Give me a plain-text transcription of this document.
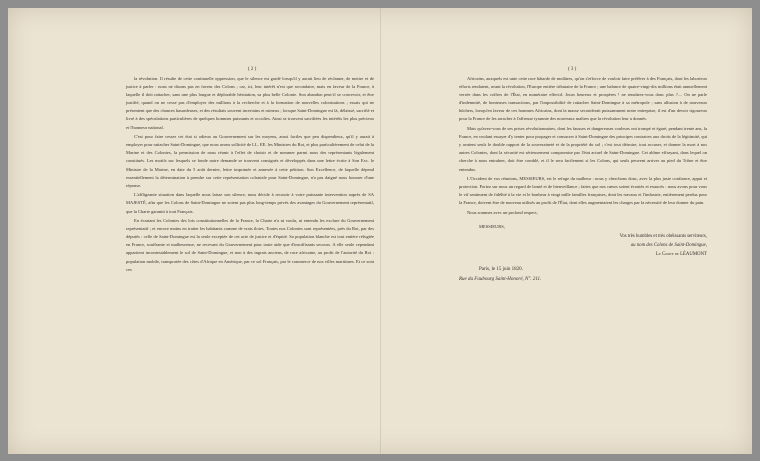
( 2 )	( 3 )

la révolution. Il résulte de cette continuelle oppression, que le silence est gardé lorsqu'il y aurait lieu de réclamer, de mettre et de justice à parler : nous ne disons pas en faveur des Colons ; car, ici, leur intérêt n'est que secondaire, mais en faveur de la France, à laquelle il doit rattacher, sans une plus longue et déplorable hésitation, sa plus belle Colonie. Son abandon peut-il se concevoir, et être justifié, quand on ne cesse pas d'employer des millions à la recherche et à la formation de nouvelles colonisations ; essais qui ne présentent que des chances hasardeuses, et des résultats souvent incertains et ruineux ; lorsque Saint-Domingue est là, délaissé, sacrifié et livré à des spéculations particulières de quelques hommes puissants et occultes. Ainsi se trouvent sacrifiées les intérêts les plus précieux et l'honneur national.

C'est pour faire cesser cet état si odieux au Gouvernement sur les moyens, aussi faciles que peu dispendieux, qu'il y aurait à employer pour rattacher Saint-Domingue, que nous avons sollicité de LL. EE. les Ministres du Roi, et plus particulièrement de celui de la Marine et des Colonies, la permission de nous réunir à l'effet de choisir et de nommer parmi nous des représentants légalement constitués. Les motifs sur lesquels se fonde notre demande se trouvent consignés et développés dans une lettre écrite à Son Exc. le Ministre de la Marine, en date du 5 août dernier, lettre imprimée et annexée à cette pétition. Son Excellence, de laquelle dépend essentiellement la détermination à prendre sur cette représentation coloniale pour Saint-Domingue, n'a pas daigné nous honorer d'une réponse.

L'affligeante situation dans laquelle nous laisse son silence, nous décide à recourir à votre puissante intervention auprès de SA MAJESTÉ, afin que les Colons de Saint-Domingue ne soient pas plus long-temps privés des avantages du Gouvernement représentatif, que la Charte garantit à tout Français.

En écartant les Colonies des lois constitutionnelles de la France, la Charte n'a ni voulu, ni entendu les exclure du Gouvernement représentatif ; et encore moins en traiter les habitants comme de vrais ilotes. Toutes nos Colonies sont représentées, près du Roi, par des députés : celle de Saint-Domingue est la seule exceptée de cet acte de justice et d'équité. Sa population blanche est tout entière réfugiée en France, souffrante et malheureuse, ne recevant du Gouvernement pour toute aide que d'insuffisants secours. A elle seule cependant appartient incontestablement le sol de Saint-Domingue, et non à des ingrats anciens, de race africaine, au profit de l'autorité du Roi : population mobile, transportée des côtes d'Afrique en Amérique, par ce sol Français, par le commerce de nos villes maritimes. Et ce sont ces

Africains, auxquels est unie cette race bâtarde de mulâtres, qu'on s'efforce de vouloir faire préférer à des Français, dont les laborieux efforts rendaient, avant la révolution, l'Europe entière tributaire de la France ; une balance de quatre-vingt-dix millions était annuellement versée dans les coffres de l'État, en numéraire effectif. Jours heureux et prospères ! ne renaîtrez-vous donc plus ?.... On ne parle d'indemnité, de honteuses transactions, par l'impossibilité de rattacher Saint-Domingue à sa métropole ; sans allusion à de nouveaux bûchers, lorsqu'en faveur de ces hommes Africains, dont la masse seconderait puissamment notre entreprise, il est d'un devoir rigoureux pour la France de les arracher à l'affreuse tyrannie des nouveaux maîtres que la révolution leur a donnés.

Mais qu'avez-vous de ses prises révolutionnaires, dont les fausses et dangereuses couleurs ont trompé et égaré, pendant trente ans, la France, en voulant essayer d'y tenter pour propager et consacrer à Saint-Domingue des principes contraires aux droits de la légitimité, qui y avaient seuls le double rapport de la souveraineté et de la propriété du sol ; c'est tout détruire, tout accuser, et donner la mort à nos autres Colonies, dont la sécurité est sérieusement compromise par l'état actuel de Saint-Domingue. Cet abîme effrayant, dans lequel on cherche à nous entraîner, doit être comblé, et il le sera facilement si les Colons, qui seuls peuvent arriver au pied du Trône et être entendus.

L'Occident de vos réunions, MESSIEURS, est le refuge du malheur : nous y cherchons donc, avec la plus juste confiance, appui et protection. Portez sur nous un regard de bonté et de bienveillance ; faites que nos cœurs soient écoutés et exaucés : nous avons pour vous le vif sentiment de fidélité à la vie et le bonheur à vingt mille familles françaises, dont les travaux et l'industrie, entièrement perdus pour la France, doivent être de nouveau utilisés au profit de l'État, dont elles augmentaient les charges par la nécessité de leur donner du pain.

Nous sommes avec un profond respect,

MESSIEURS,

Vos très humbles et très obéissants serviteurs,
au nom des Colons de Saint-Domingue,
Le Comte de LÉAUMONT
Paris, le 15 juin 1820.
Rue du Faubourg Saint-Honoré, N°. 211.
